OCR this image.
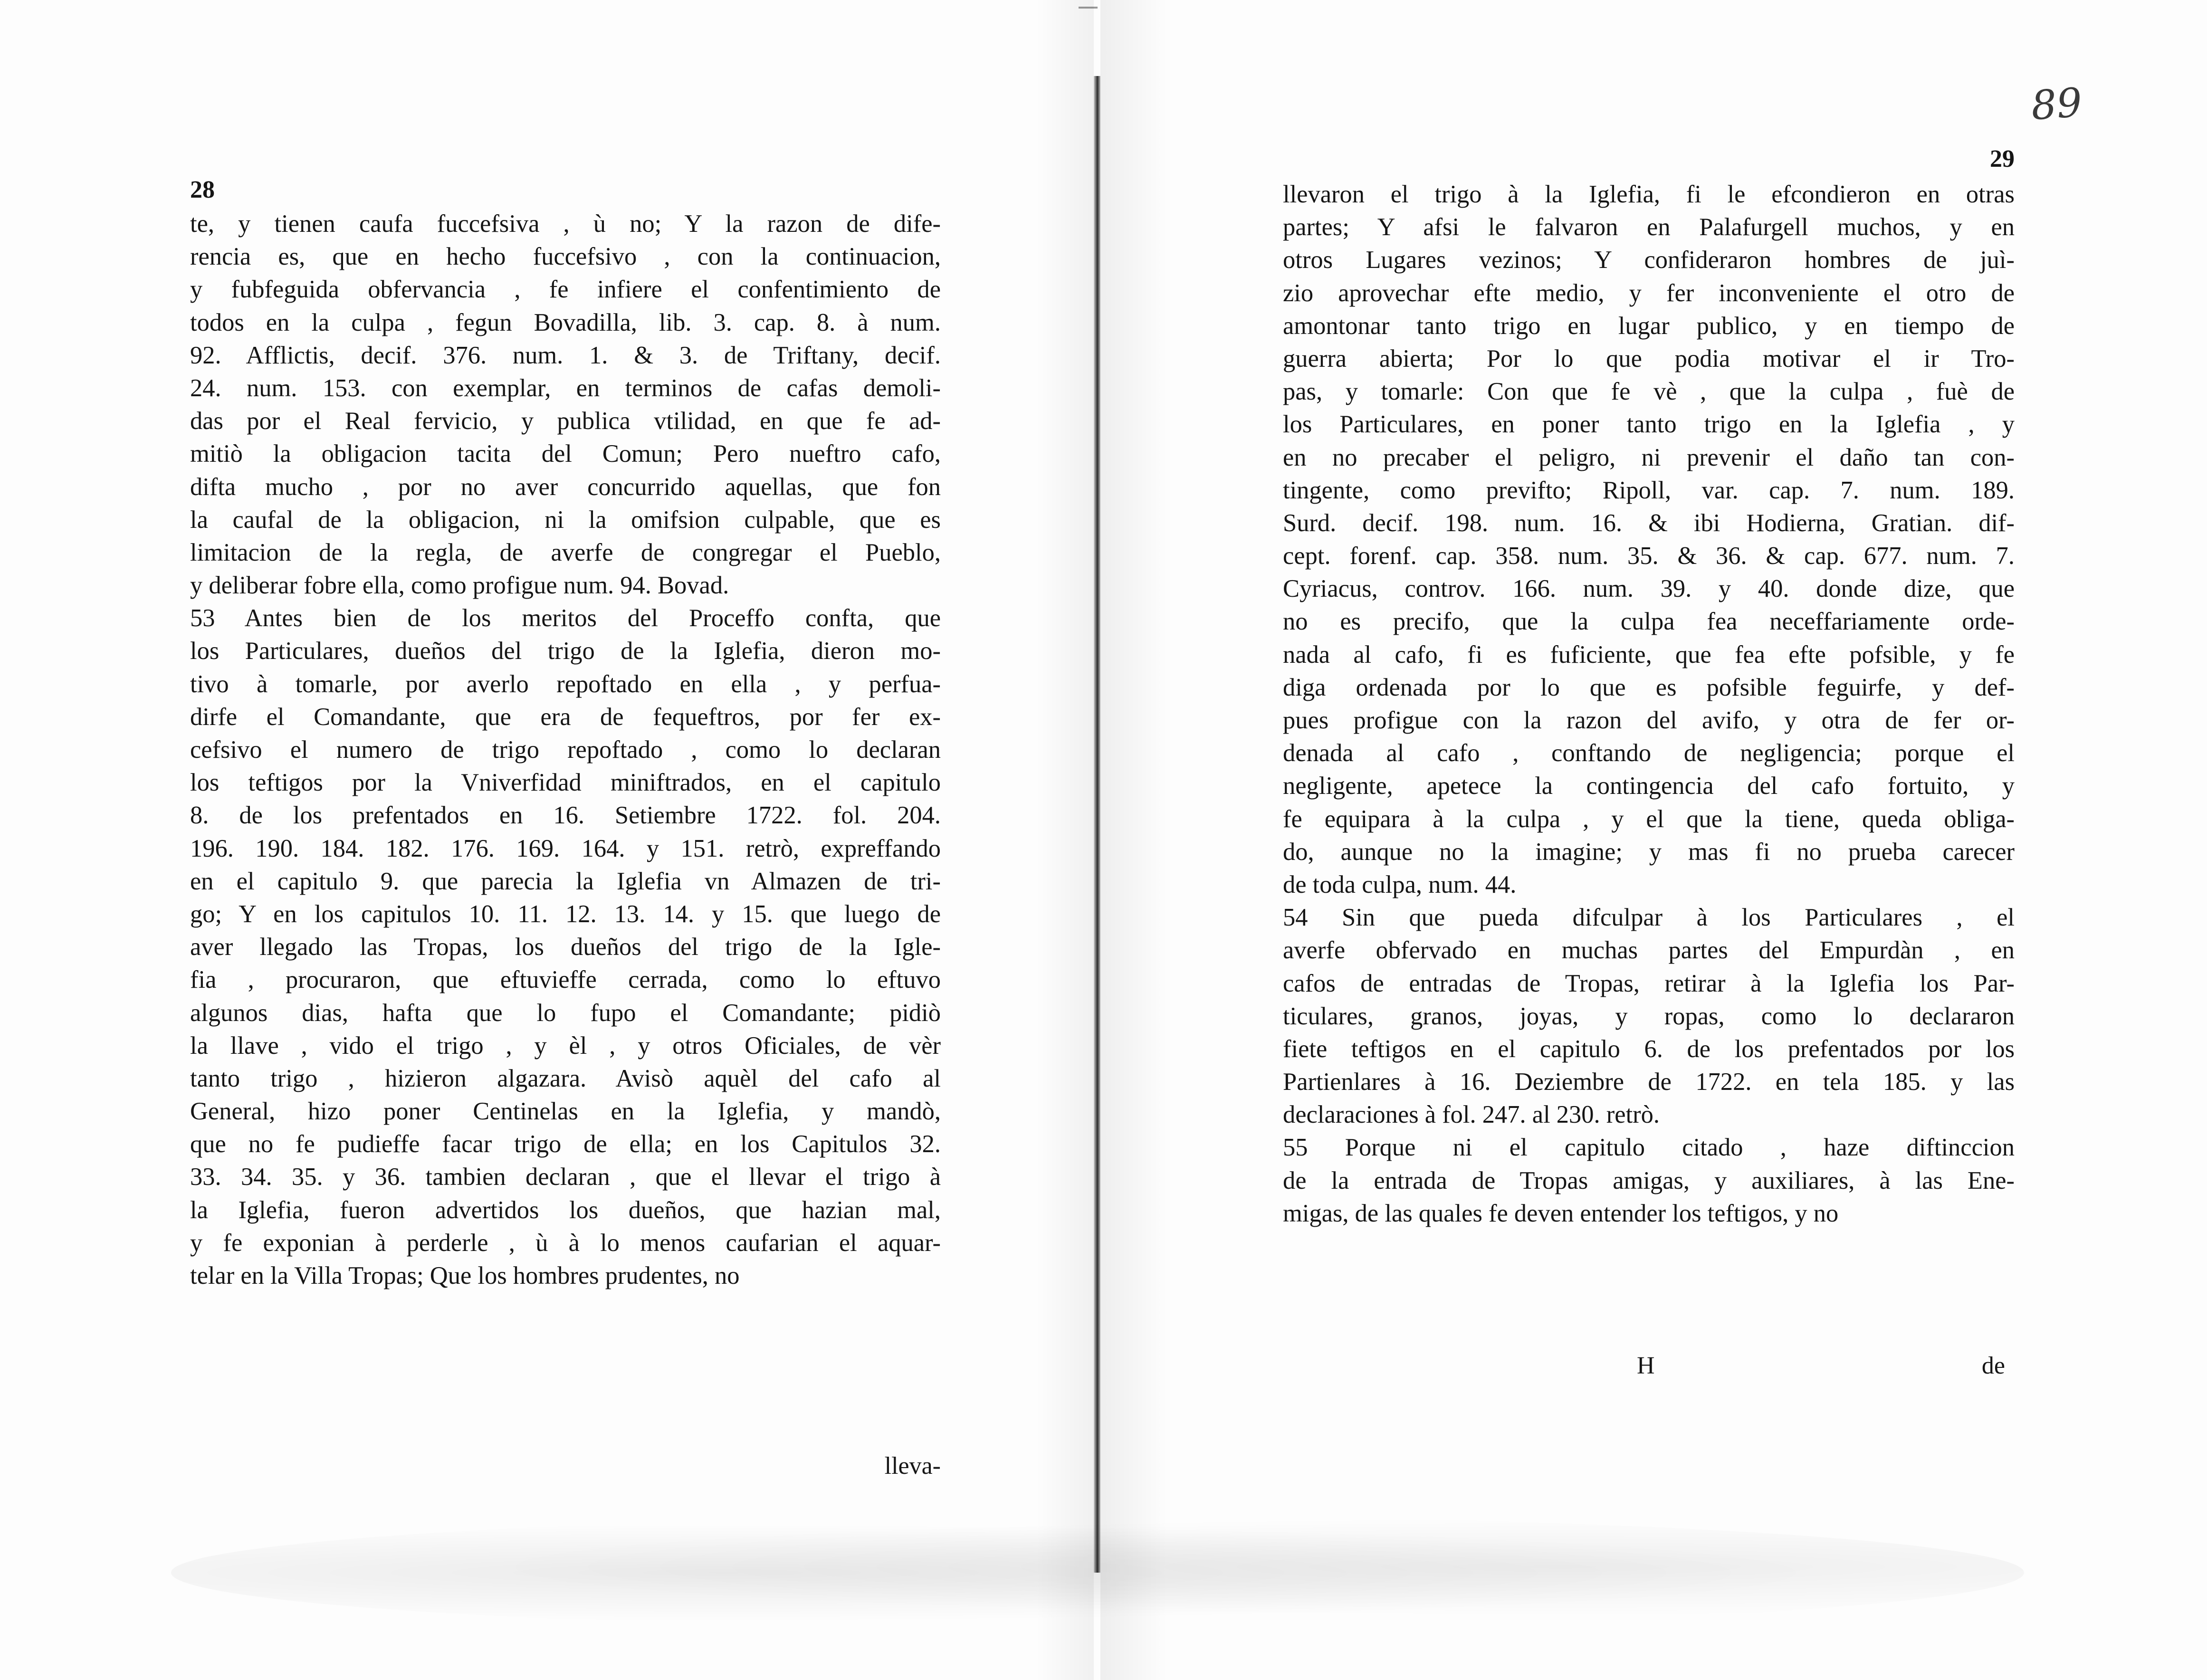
89
28
te, y tienen caufa fuccefsiva , ù no; Y la razon de dife-
rencia es, que en hecho fuccefsivo , con la continuacion,
y fubfeguida obfervancia , fe infiere el confentimiento de
todos en la culpa , fegun Bovadilla, lib. 3. cap. 8. à num.
92. Afflictis, decif. 376. num. 1. & 3. de Triftany, decif.
24. num. 153. con exemplar, en terminos de cafas demoli-
das por el Real fervicio, y publica vtilidad, en que fe ad-
mitiò la obligacion tacita del Comun; Pero nueftro cafo,
difta mucho , por no aver concurrido aquellas, que fon
la caufal de la obligacion, ni la omifsion culpable, que es
limitacion de la regla, de averfe de congregar el Pueblo,
y deliberar fobre ella, como profigue num. 94. Bovad.
53 Antes bien de los meritos del Proceffo confta, que
los Particulares, dueños del trigo de la Iglefia, dieron mo-
tivo à tomarle, por averlo repoftado en ella , y perfua-
dirfe el Comandante, que era de fequeftros, por fer ex-
cefsivo el numero de trigo repoftado , como lo declaran
los teftigos por la Vniverfidad miniftrados, en el capitulo
8. de los prefentados en 16. Setiembre 1722. fol. 204.
196. 190. 184. 182. 176. 169. 164. y 151. retrò, expreffando
en el capitulo 9. que parecia la Iglefia vn Almazen de tri-
go; Y en los capitulos 10. 11. 12. 13. 14. y 15. que luego de
aver llegado las Tropas, los dueños del trigo de la Igle-
fia , procuraron, que eftuvieffe cerrada, como lo eftuvo
algunos dias, hafta que lo fupo el Comandante; pidiò
la llave , vido el trigo , y èl , y otros Oficiales, de vèr
tanto trigo , hizieron algazara. Avisò aquèl del cafo al
General, hizo poner Centinelas en la Iglefia, y mandò,
que no fe pudieffe facar trigo de ella; en los Capitulos 32.
33. 34. 35. y 36. tambien declaran , que el llevar el trigo à
la Iglefia, fueron advertidos los dueños, que hazian mal,
y fe exponian à perderle , ù à lo menos caufarian el aquar-
telar en la Villa Tropas; Que los hombres prudentes, no
lleva-
29
llevaron el trigo à la Iglefia, fi le efcondieron en otras
partes; Y afsi le falvaron en Palafurgell muchos, y en
otros Lugares vezinos; Y confideraron hombres de juì-
zio aprovechar efte medio, y fer inconveniente el otro de
amontonar tanto trigo en lugar publico, y en tiempo de
guerra abierta; Por lo que podia motivar el ir Tro-
pas, y tomarle: Con que fe vè , que la culpa , fuè de
los Particulares, en poner tanto trigo en la Iglefia , y
en no precaber el peligro, ni prevenir el daño tan con-
tingente, como previfto; Ripoll, var. cap. 7. num. 189.
Surd. decif. 198. num. 16. & ibi Hodierna, Gratian. dif-
cept. forenf. cap. 358. num. 35. & 36. & cap. 677. num. 7.
Cyriacus, controv. 166. num. 39. y 40. donde dize, que
no es precifo, que la culpa fea neceffariamente orde-
nada al cafo, fi es fuficiente, que fea efte pofsible, y fe
diga ordenada por lo que es pofsible feguirfe, y def-
pues profigue con la razon del avifo, y otra de fer or-
denada al cafo , conftando de negligencia; porque el
negligente, apetece la contingencia del cafo fortuito, y
fe equipara à la culpa , y el que la tiene, queda obliga-
do, aunque no la imagine; y mas fi no prueba carecer
de toda culpa, num. 44.
54 Sin que pueda difculpar à los Particulares , el
averfe obfervado en muchas partes del Empurdàn , en
cafos de entradas de Tropas, retirar à la Iglefia los Par-
ticulares, granos, joyas, y ropas, como lo declararon
fiete teftigos en el capitulo 6. de los prefentados por los
Partienlares à 16. Deziembre de 1722. en tela 185. y las
declaraciones à fol. 247. al 230. retrò.
55 Porque ni el capitulo citado , haze diftinccion
de la entrada de Tropas amigas, y auxiliares, à las Ene-
migas, de las quales fe deven entender los teftigos, y no
H	de
